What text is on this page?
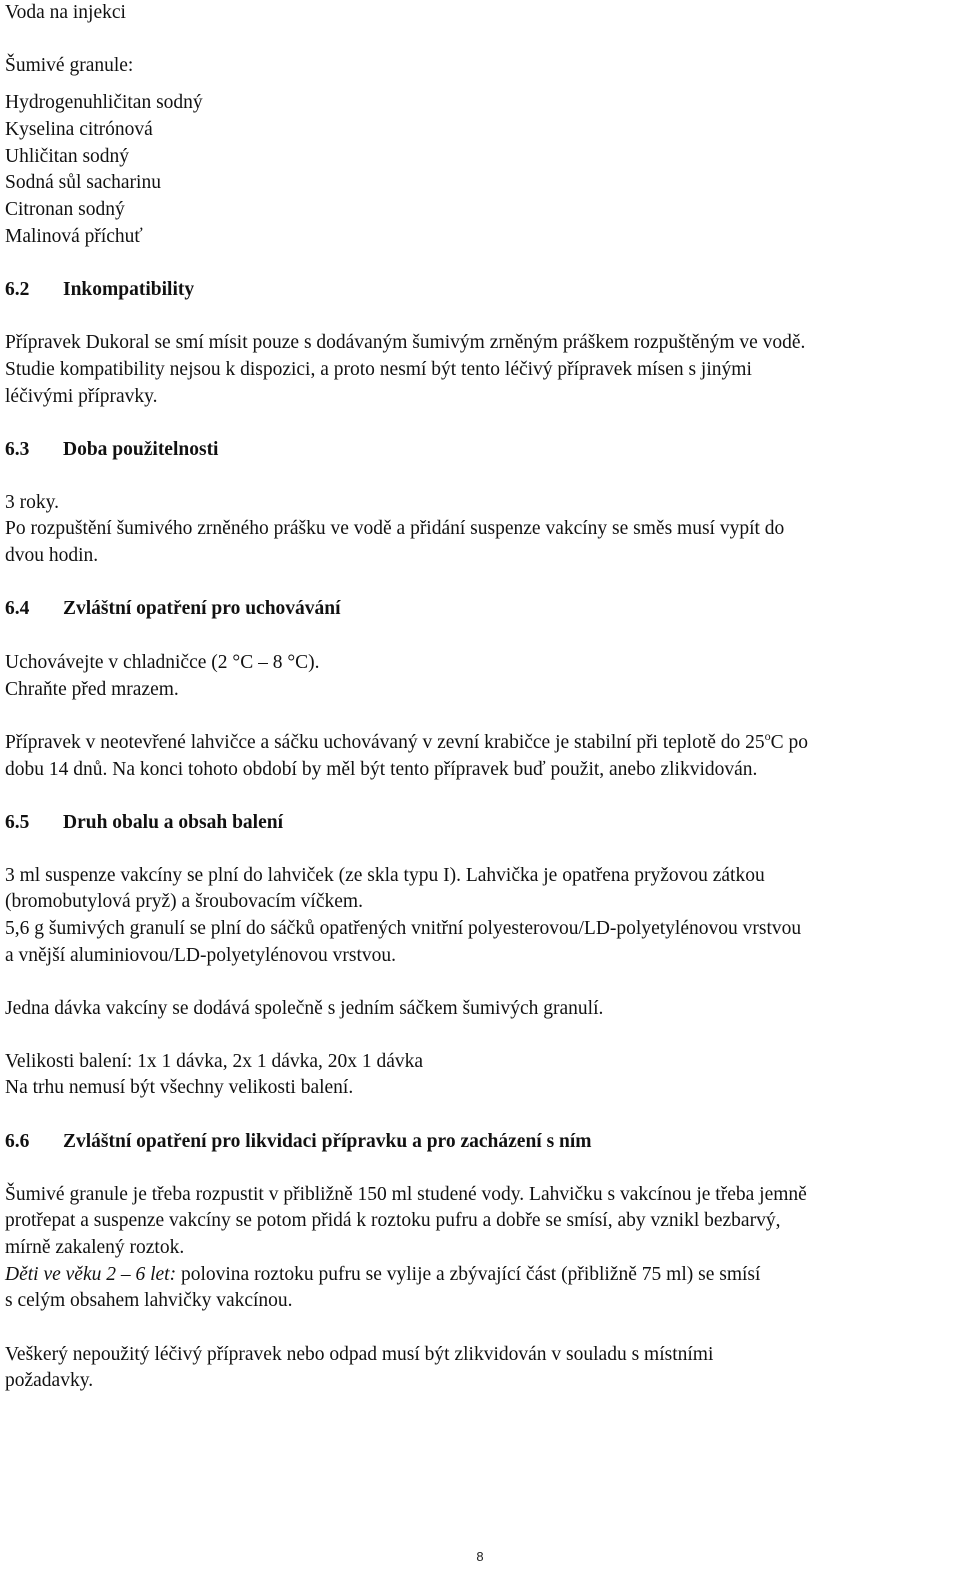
Voda na injekci
Šumivé granule:
Hydrogenuhličitan sodný
Kyselina citrónová
Uhličitan sodný
Sodná sůl sacharinu
Citronan sodný
Malinová příchuť
6.2 Inkompatibility
Přípravek Dukoral se smí mísit pouze s dodávaným šumivým zrněným práškem rozpuštěným ve vodě.
Studie kompatibility nejsou k dispozici, a proto nesmí být tento léčivý přípravek mísen s jinými
léčivými přípravky.
6.3 Doba použitelnosti
3 roky.
Po rozpuštění šumivého zrněného prášku ve vodě a přidání suspenze vakcíny se směs musí vypít do
dvou hodin.
6.4 Zvláštní opatření pro uchovávání
Uchovávejte v chladničce (2 °C – 8 °C).
Chraňte před mrazem.
Přípravek v neotevřené lahvičce a sáčku uchovávaný v zevní krabičce je stabilní při teplotě do 25$^o$C po
dobu 14 dnů. Na konci tohoto období by měl být tento přípravek buď použit, anebo zlikvidován.
6.5 Druh obalu a obsah balení
3 ml suspenze vakcíny se plní do lahviček (ze skla typu I). Lahvička je opatřena pryžovou zátkou
(bromobutylová pryž) a šroubovacím víčkem.
5,6 g šumivých granulí se plní do sáčků opatřených vnitřní polyesterovou/LD-polyetylénovou vrstvou
a vnější aluminiovou/LD-polyetylénovou vrstvou.
Jedna dávka vakcíny se dodává společně s jedním sáčkem šumivých granulí.
Velikosti balení: 1x 1 dávka, 2x 1 dávka, 20x 1 dávka
Na trhu nemusí být všechny velikosti balení.
6.6 Zvláštní opatření pro likvidaci přípravku a pro zacházení s ním
Šumivé granule je třeba rozpustit v přibližně 150 ml studené vody. Lahvičku s vakcínou je třeba jemně
protřepat a suspenze vakcíny se potom přidá k roztoku pufru a dobře se smísí, aby vznikl bezbarvý,
mírně zakalený roztok.
Děti ve věku 2 – 6 let: polovina roztoku pufru se vylije a zbývající část (přibližně 75 ml) se smísí
s celým obsahem lahvičky vakcínou.
Veškerý nepoužitý léčivý přípravek nebo odpad musí být zlikvidován v souladu s místními
požadavky.
8
